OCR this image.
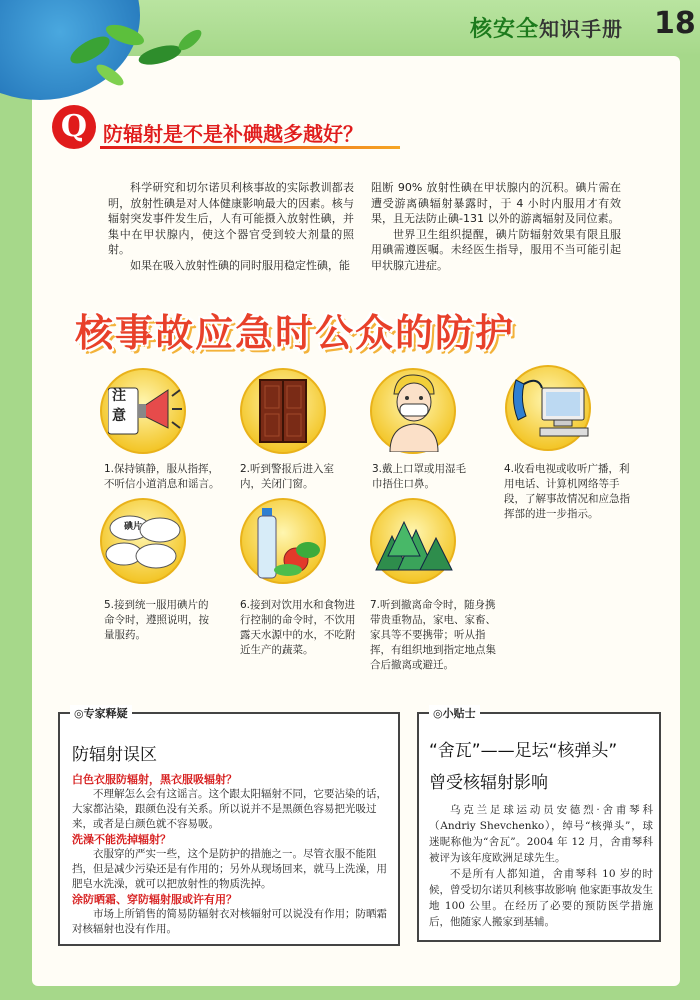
核安全知识手册 18
Q 防辐射是不是补碘越多越好？

科学研究和切尔诺贝利核事故的实际教训都表明，放射性碘是对人体健康影响最大的因素。核与辐射突发事件发生后，人有可能摄入放射性碘，并集中在甲状腺内，使这个器官受到较大剂量的照射。

如果在吸入放射性碘的同时服用稳定性碘，能

阻断 90% 放射性碘在甲状腺内的沉积。碘片需在遭受游离碘辐射暴露时，于 4 小时内服用才有效果，且无法防止碘-131 以外的游离辐射及同位素。

世界卫生组织提醒，碘片防辐射效果有限且服用碘需遵医嘱。未经医生指导，服用不当可能引起甲状腺亢进症。

核事故应急时公众的防护
注意
1.保持镇静，服从指挥，不听信小道消息和谣言。
2.听到警报后进入室内，关闭门窗。
3.戴上口罩或用湿毛巾捂住口鼻。
4.收看电视或收听广播，利用电话、计算机网络等手段，了解事故情况和应急指挥部的进一步指示。
碘片
5.接到统一服用碘片的命令时，遵照说明，按量服药。
6.接到对饮用水和食物进行控制的命令时，不饮用露天水源中的水，不吃附近生产的蔬菜。
7.听到撤离命令时，随身携带贵重物品，家电、家畜、家具等不要携带；听从指挥，有组织地到指定地点集合后撤离或避迁。
◎专家释疑
防辐射误区
白色衣服防辐射，黑衣服吸辐射？

不理解怎么会有这谣言。这个跟太阳辐射不同，它要沾染的话，大家都沾染，跟颜色没有关系。所以说并不是黑颜色容易把光吸过来，或者是白颜色就不容易吸。

洗澡不能洗掉辐射？

衣服穿的严实一些，这个是防护的措施之一。尽管衣服不能阻挡，但是减少污染还是有作用的；另外从现场回来，就马上洗澡，用肥皂水洗澡，就可以把放射性的物质洗掉。

涂防晒霜、穿防辐射服或许有用？

市场上所销售的简易防辐射衣对核辐射可以说没有作用；防晒霜对核辐射也没有作用。

◎小贴士
“舍瓦”——足坛“核弹头”
曾受核辐射影响

乌克兰足球运动员安德烈·舍甫琴科（Andriy Shevchenko），绰号“核弹头”，球迷昵称他为“舍瓦”。2004 年 12 月，舍甫琴科被评为该年度欧洲足球先生。

不是所有人都知道，舍甫琴科 10 岁的时候，曾受切尔诺贝利核事故影响 他家距事故发生地 100 公里。在经历了必要的预防医学措施后，他随家人搬家到基辅。
